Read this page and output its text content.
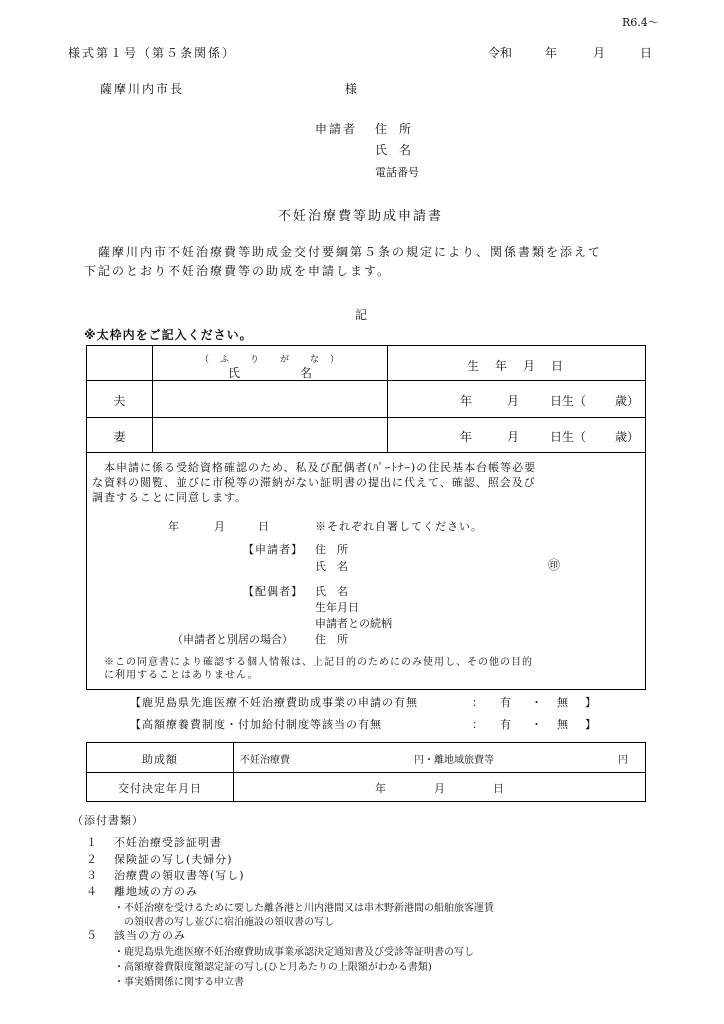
R6.4～
様式第１号（第５条関係）	令和	年	月	日
薩摩川内市長	様
申請者 住　所
氏　名
電話番号
不妊治療費等助成申請書
　薩摩川内市不妊治療費等助成金交付要綱第５条の規定により、関係書類を添えて
下記のとおり不妊治療費等の助成を申請します。
記
※太枠内をご記入ください。
（　ふ　　り　　が　　な　）
氏　　　　　名	生　年　月　日
夫	年	月	日生（ 歳）
妻	年	月	日生（ 歳）
　本申請に係る受給資格確認のため、私及び配偶者(ﾊﾟｰﾄﾅｰ)の住民基本台帳等必要
な資料の閲覧、並びに市税等の滞納がない証明書の提出に代えて、確認、照会及び
調査することに同意します。
年	月	日	※それぞれ自署してください。
【申請者】 住　所
氏　名	㊞
【配偶者】 氏　名
生年月日
申請者との続柄
（申請者と別居の場合） 住　所
※この同意書により確認する個人情報は、上記目的のためにのみ使用し、その他の目的
に利用することはありません。
【鹿児島県先進医療不妊治療費助成事業の申請の有無	： 有 ・ 無 】
【高額療養費制度・付加給付制度等該当の有無	： 有 ・ 無 】
助成額	不妊治療費	円・離地域旅費等	円
交付決定年月日	年	月	日
（添付書類）
１ 不妊治療受診証明書
２ 保険証の写し(夫婦分)
３ 治療費の領収書等(写し)
４ 離地域の方のみ
・不妊治療を受けるために要した離各港と川内港間又は串木野新港間の船舶旅客運賃
　の領収書の写し並びに宿泊施設の領収書の写し
５ 該当の方のみ
・鹿児島県先進医療不妊治療費助成事業承認決定通知書及び受診等証明書の写し
・高額療養費限度額認定証の写し(ひと月あたりの上限額がわかる書類)
・事実婚関係に関する申立書
